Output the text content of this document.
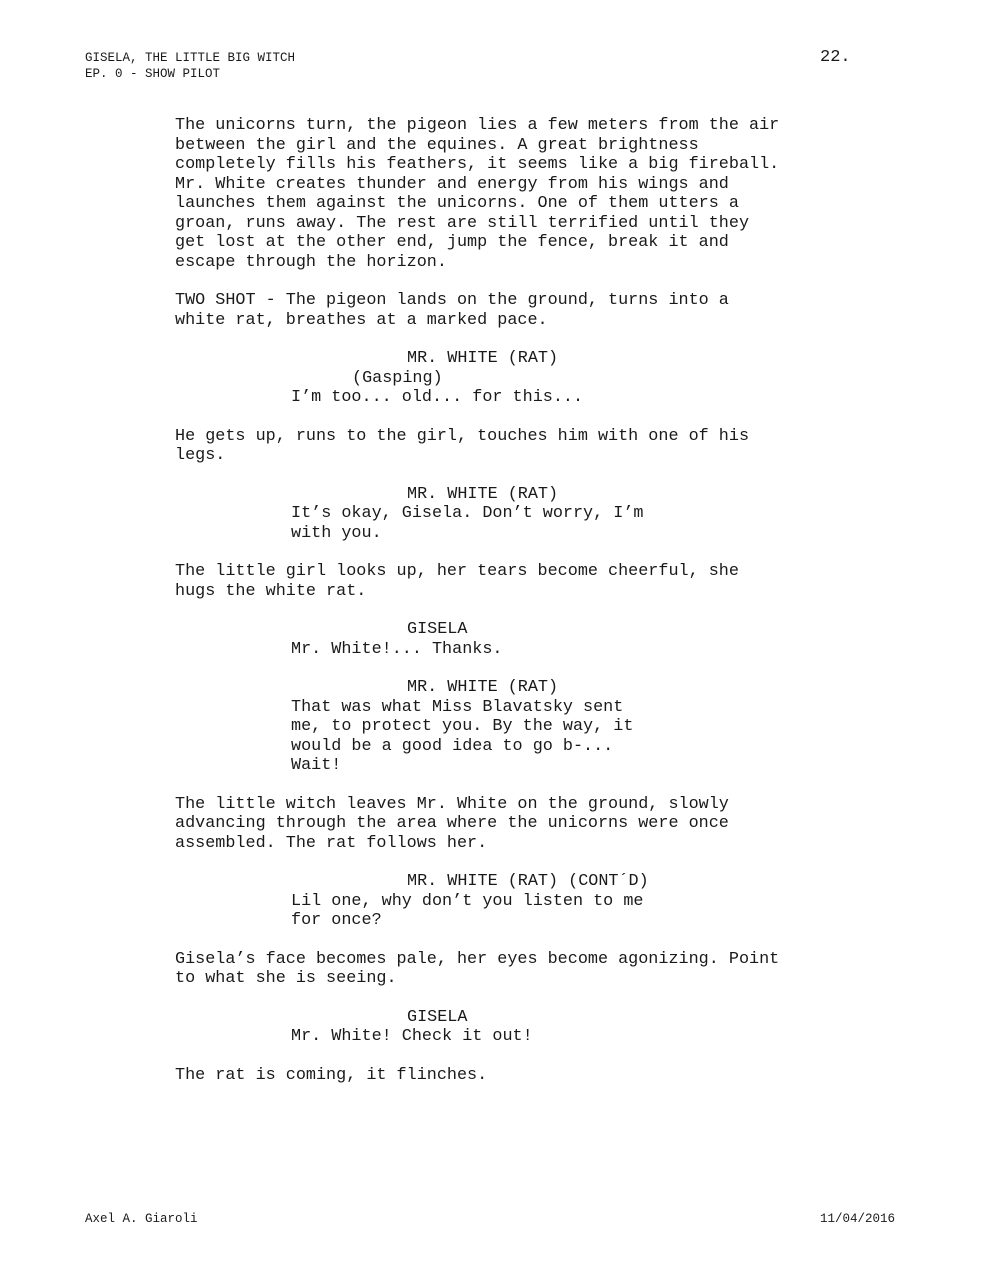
GISELA, THE LITTLE BIG WITCH
EP. 0 - SHOW PILOT
22.
The unicorns turn, the pigeon lies a few meters from the air
between the girl and the equines. A great brightness
completely fills his feathers, it seems like a big fireball.
Mr. White creates thunder and energy from his wings and
launches them against the unicorns. One of them utters a
groan, runs away. The rest are still terrified until they
get lost at the other end, jump the fence, break it and
escape through the horizon.
TWO SHOT - The pigeon lands on the ground, turns into a
white rat, breathes at a marked pace.
MR. WHITE (RAT)
(Gasping)
I’m too... old... for this...
He gets up, runs to the girl, touches him with one of his
legs.
MR. WHITE (RAT)
It’s okay, Gisela. Don’t worry, I’m
with you.
The little girl looks up, her tears become cheerful, she
hugs the white rat.
GISELA
Mr. White!... Thanks.
MR. WHITE (RAT)
That was what Miss Blavatsky sent
me, to protect you. By the way, it
would be a good idea to go b-...
Wait!
The little witch leaves Mr. White on the ground, slowly
advancing through the area where the unicorns were once
assembled. The rat follows her.
MR. WHITE (RAT) (CONT´D)
Lil one, why don’t you listen to me
for once?
Gisela’s face becomes pale, her eyes become agonizing. Point
to what she is seeing.
GISELA
Mr. White! Check it out!
The rat is coming, it flinches.
Axel A. Giaroli	11/04/2016
